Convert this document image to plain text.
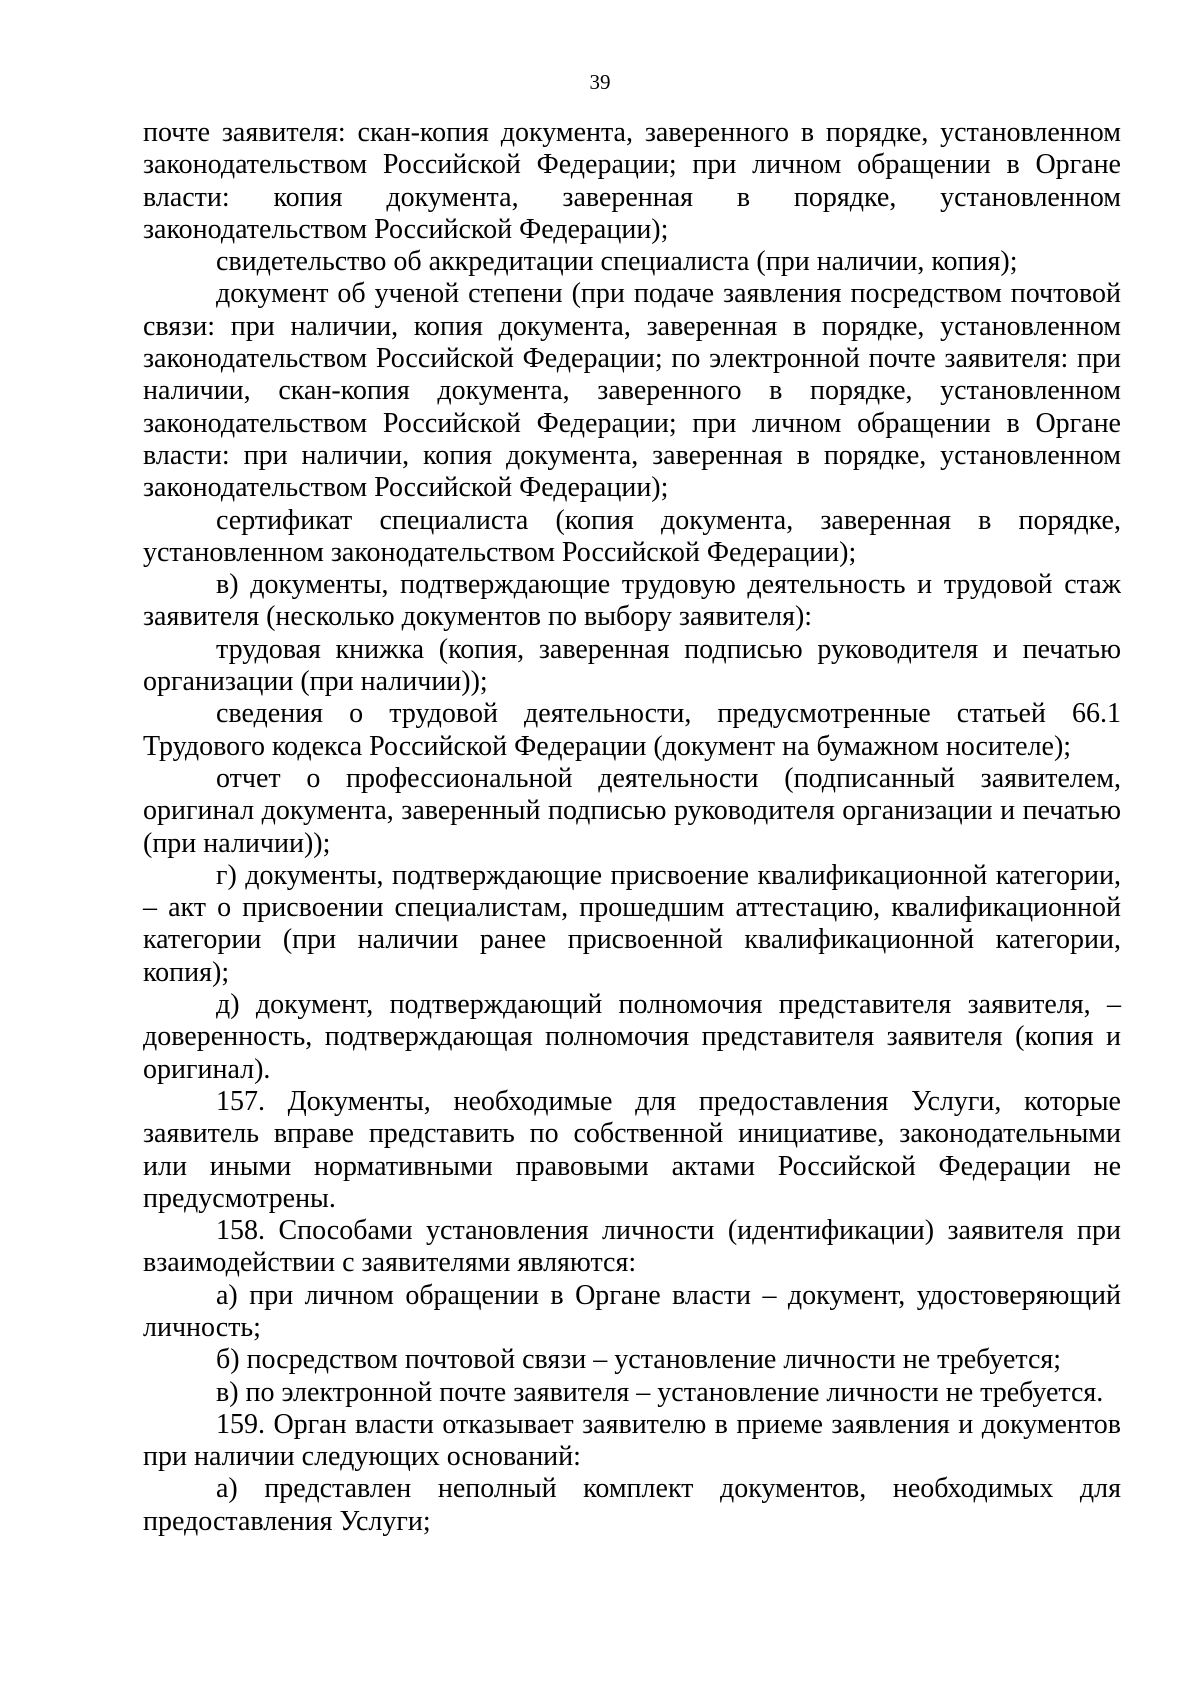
39

почте заявителя: скан-копия документа, заверенного в порядке, установленном законодательством Российской Федерации; при личном обращении в Органе власти: копия документа, заверенная в порядке, установленном законодательством Российской Федерации);

свидетельство об аккредитации специалиста (при наличии, копия);

документ об ученой степени (при подаче заявления посредством почтовой связи: при наличии, копия документа, заверенная в порядке, установленном законодательством Российской Федерации; по электронной почте заявителя: при наличии, скан-копия документа, заверенного в порядке, установленном законодательством Российской Федерации; при личном обращении в Органе власти: при наличии, копия документа, заверенная в порядке, установленном законодательством Российской Федерации);

сертификат специалиста (копия документа, заверенная в порядке, установленном законодательством Российской Федерации);

в) документы, подтверждающие трудовую деятельность и трудовой стаж заявителя (несколько документов по выбору заявителя):

трудовая книжка (копия, заверенная подписью руководителя и печатью организации (при наличии));

сведения о трудовой деятельности, предусмотренные статьей 66.1 Трудового кодекса Российской Федерации (документ на бумажном носителе);

отчет о профессиональной деятельности (подписанный заявителем, оригинал документа, заверенный подписью руководителя организации и печатью (при наличии));

г) документы, подтверждающие присвоение квалификационной категории, – акт о присвоении специалистам, прошедшим аттестацию, квалификационной категории (при наличии ранее присвоенной квалификационной категории, копия);

д) документ, подтверждающий полномочия представителя заявителя, – доверенность, подтверждающая полномочия представителя заявителя (копия и оригинал).

157. Документы, необходимые для предоставления Услуги, которые заявитель вправе представить по собственной инициативе, законодательными или иными нормативными правовыми актами Российской Федерации не предусмотрены.

158. Способами установления личности (идентификации) заявителя при взаимодействии с заявителями являются:

а) при личном обращении в Органе власти – документ, удостоверяющий личность;

б) посредством почтовой связи – установление личности не требуется;

в) по электронной почте заявителя – установление личности не требуется.

159. Орган власти отказывает заявителю в приеме заявления и документов при наличии следующих оснований:

а) представлен неполный комплект документов, необходимых для предоставления Услуги;
